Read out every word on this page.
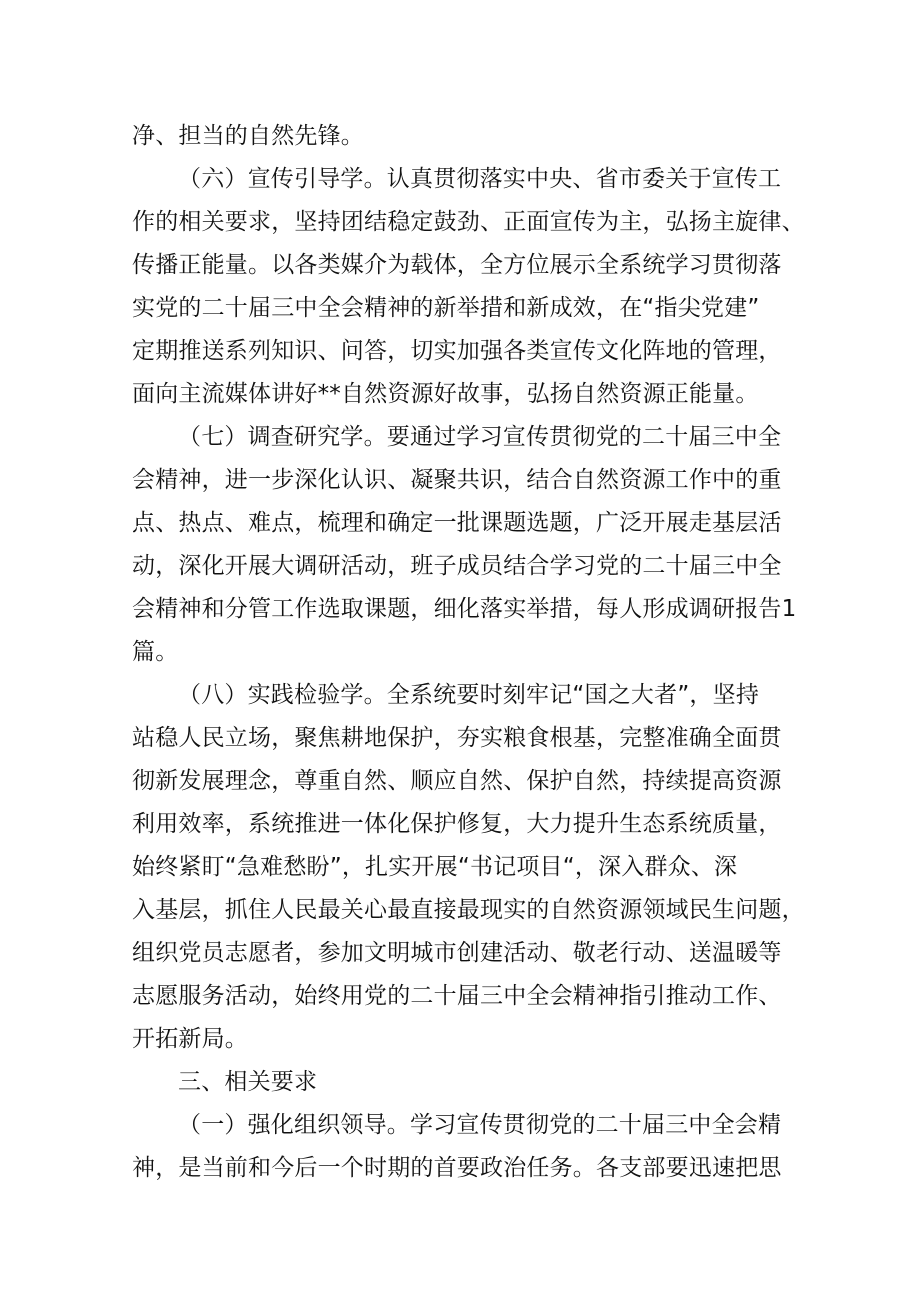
净、担当的自然先锋。
（六）宣传引导学。认真贯彻落实中央、省市委关于宣传工
作的相关要求，坚持团结稳定鼓劲、正面宣传为主，弘扬主旋律、
传播正能量。以各类媒介为载体，全方位展示全系统学习贯彻落
实党的二十届三中全会精神的新举措和新成效，在“指尖党建”
定期推送系列知识、问答，切实加强各类宣传文化阵地的管理，
面向主流媒体讲好**自然资源好故事，弘扬自然资源正能量。
（七）调查研究学。要通过学习宣传贯彻党的二十届三中全
会精神，进一步深化认识、凝聚共识，结合自然资源工作中的重
点、热点、难点，梳理和确定一批课题选题，广泛开展走基层活
动，深化开展大调研活动，班子成员结合学习党的二十届三中全
会精神和分管工作选取课题，细化落实举措，每人形成调研报告1
篇。
（八）实践检验学。全系统要时刻牢记“国之大者”，坚持
站稳人民立场，聚焦耕地保护，夯实粮食根基，完整准确全面贯
彻新发展理念，尊重自然、顺应自然、保护自然，持续提高资源
利用效率，系统推进一体化保护修复，大力提升生态系统质量，
始终紧盯“急难愁盼”，扎实开展“书记项目“，深入群众、深
入基层，抓住人民最关心最直接最现实的自然资源领域民生问题，
组织党员志愿者，参加文明城市创建活动、敬老行动、送温暖等
志愿服务活动，始终用党的二十届三中全会精神指引推动工作、
开拓新局。
三、相关要求
（一）强化组织领导。学习宣传贯彻党的二十届三中全会精
神，是当前和今后一个时期的首要政治任务。各支部要迅速把思
